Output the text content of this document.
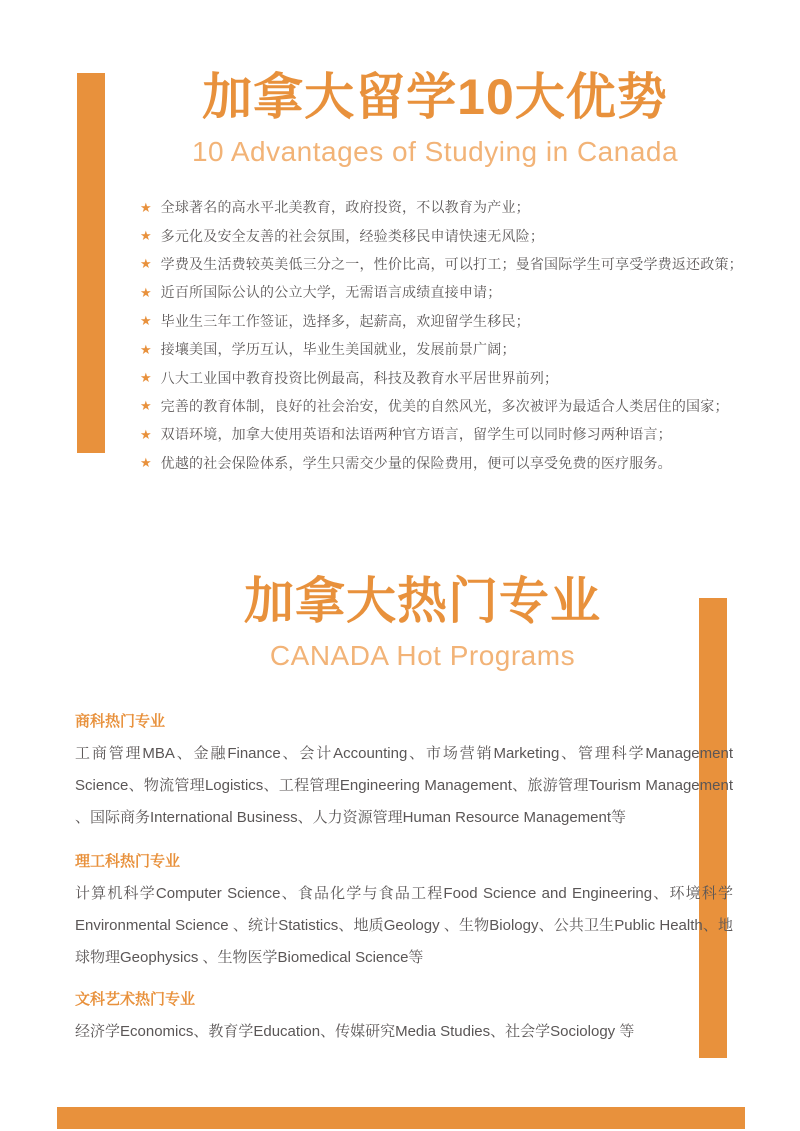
加拿大留学10大优势
10 Advantages of Studying in Canada
★ 全球著名的高水平北美教育，政府投资，不以教育为产业；
★ 多元化及安全友善的社会氛围，经验类移民申请快速无风险；
★ 学费及生活费较英美低三分之一，性价比高，可以打工；曼省国际学生可享受学费返还政策；
★ 近百所国际公认的公立大学，无需语言成绩直接申请；
★ 毕业生三年工作签证，选择多，起薪高，欢迎留学生移民；
★ 接壤美国，学历互认，毕业生美国就业，发展前景广阔；
★ 八大工业国中教育投资比例最高，科技及教育水平居世界前列；
★ 完善的教育体制，良好的社会治安，优美的自然风光，多次被评为最适合人类居住的国家；
★ 双语环境，加拿大使用英语和法语两种官方语言，留学生可以同时修习两种语言；
★ 优越的社会保险体系，学生只需交少量的保险费用，便可以享受免费的医疗服务。
加拿大热门专业
CANADA Hot Programs
商科热门专业

工商管理MBA、金融Finance、会计Accounting、市场营销Marketing、管理科学Management Science、物流管理Logistics、工程管理Engineering Management、旅游管理Tourism Management 、国际商务International Business、人力资源管理Human Resource Management等

理工科热门专业

计算机科学Computer Science、食品化学与食品工程Food Science and Engineering、环境科学Environmental Science 、统计Statistics、地质Geology 、生物Biology、公共卫生Public Health、地球物理Geophysics 、生物医学Biomedical Science等

文科艺术热门专业

经济学Economics、教育学Education、传媒研究Media Studies、社会学Sociology 等
